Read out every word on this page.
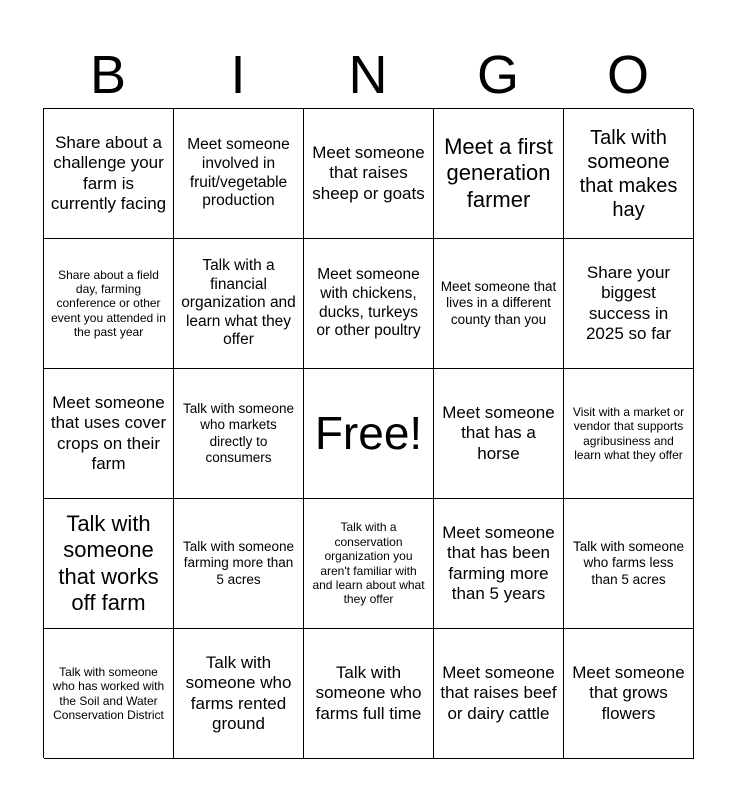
B	I	N	G	O
Share about a challenge your farm is currently facing
Meet someone involved in fruit/vegetable production
Meet someone that raises sheep or goats
Meet a first generation farmer
Talk with someone that makes hay
Share about a field day, farming conference or other event you attended in the past year
Talk with a financial organization and learn what they offer
Meet someone with chickens, ducks, turkeys or other poultry
Meet someone that lives in a different county than you
Share your biggest success in 2025 so far
Meet someone that uses cover crops on their farm
Talk with someone who markets directly to consumers Free! Meet someone that has a horse
Visit with a market or vendor that supports agribusiness and learn what they offer
Talk with someone that works off farm
Talk with someone farming more than 5 acres
Talk with a conservation organization you aren't familiar with and learn about what they offer
Meet someone that has been farming more than 5 years
Talk with someone who farms less than 5 acres
Talk with someone who has worked with the Soil and Water Conservation District
Talk with someone who farms rented ground
Talk with someone who farms full time
Meet someone that raises beef or dairy cattle
Meet someone that grows flowers
